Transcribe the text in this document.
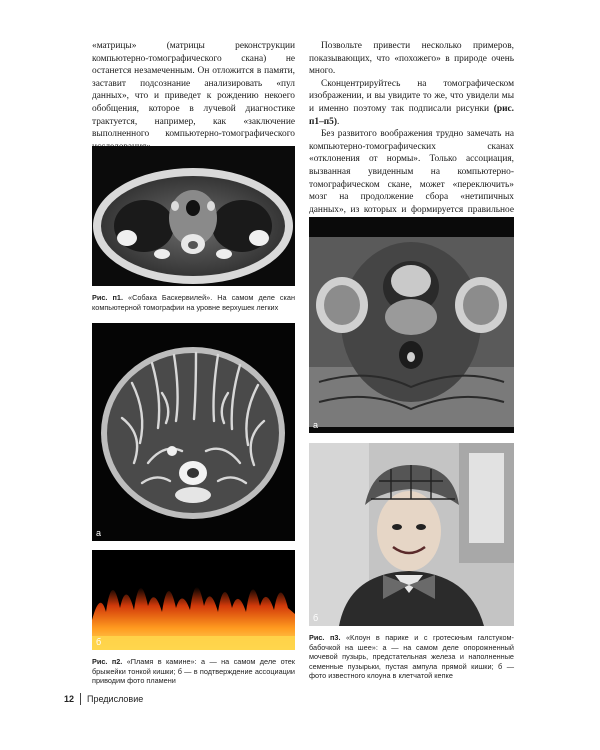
«матрицы» (матрицы реконструкции компьютерно-томографического скана) не останется незамеченным. Он отложится в памяти, заставит подсознание анализировать «пул данных», что и приведет к рождению некоего обобщения, которое в лучевой диагностике трактуется, например, как «заключение выполненного компьютерно-томографического

Позвольте привести несколько примеров, показывающих, что «похожего» в природе очень много.

Сконцентрируйтесь на томографическом изображении, и вы увидите то же, что увидели мы и именно поэтому так подписали рисунки (рис. п1–п5).

Без развитого воображения трудно замечать на компьютерно-томографических сканах «отклонения от нормы». Только ассоциация, вызванная увиденным на компьютерно-томографическом скане, может «переключить» мозг на продолжение сбора «нетипичных данных», из которых и формируется правильное

Рис. п1. «Собака Баскервилей». На самом деле скан компьютерной томографии на уровне верхушек легких
а
б
Рис. п2. «Пламя в камине»: а — на самом деле отек брыжейки тонкой кишки; б — в подтверждение ассоциации приводим фото пламени
а
б
Рис. п3. «Клоун в парике и с гротескным галстуком-бабочкой на шее»: а — на самом деле опорожненный мочевой пузырь, предстательная железа и наполненные семенные пузырьки, пустая ампула прямой кишки; б — фото известного клоуна в клетчатой кепке
12 Предисловие
